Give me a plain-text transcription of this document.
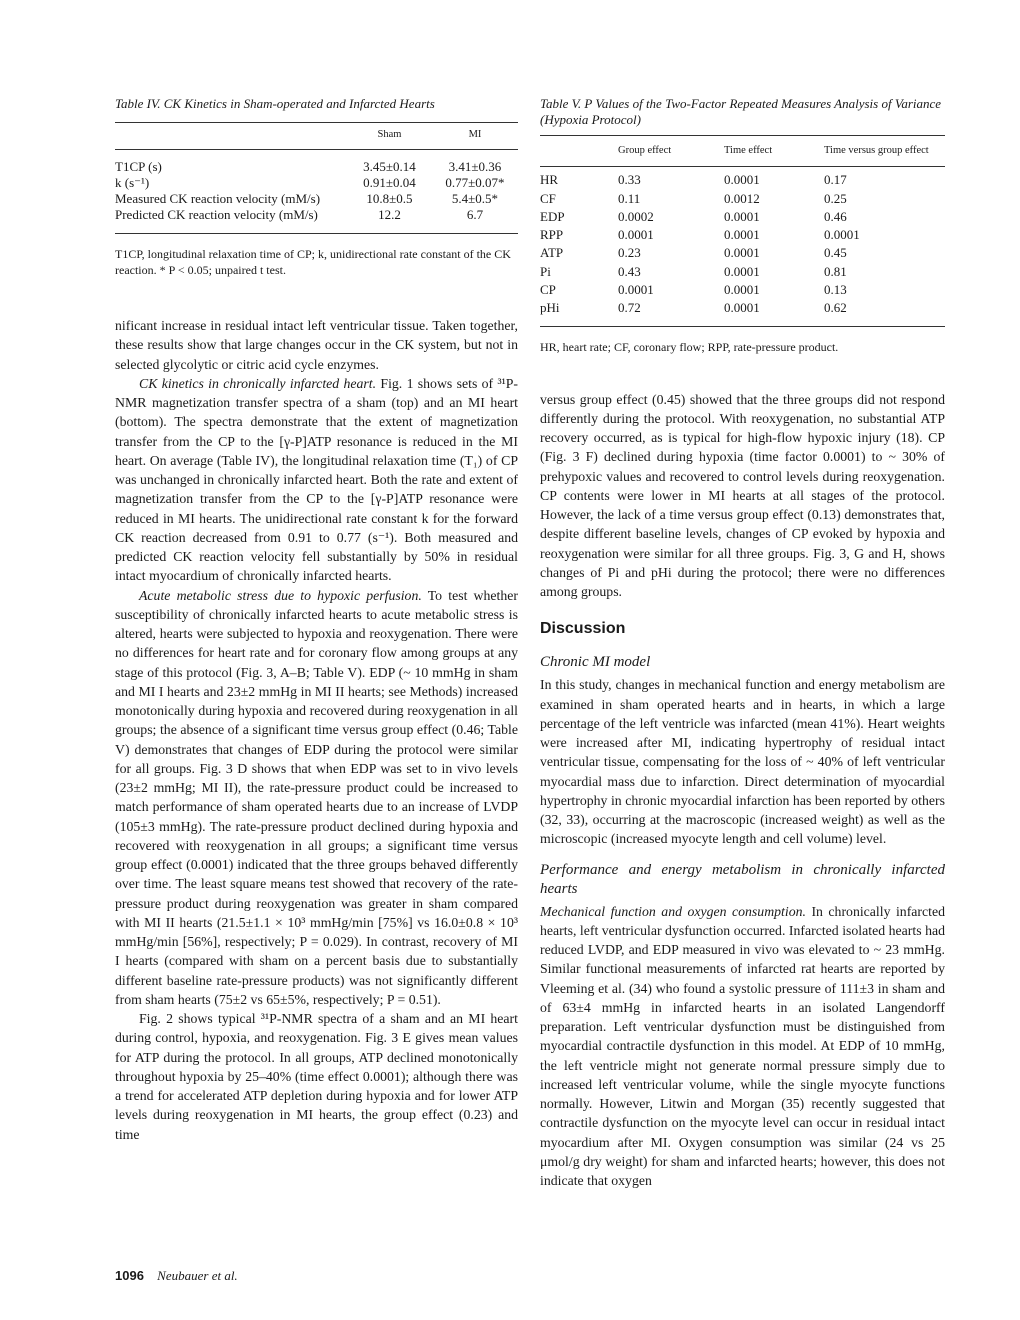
Table IV. CK Kinetics in Sham-operated and Infarcted Hearts
	Sham	MI
T1CP (s)	3.45±0.14	3.41±0.36
k (s⁻¹)	0.91±0.04	0.77±0.07*
Measured CK reaction velocity (mM/s)	10.8±0.5	5.4±0.5*
Predicted CK reaction velocity (mM/s)	12.2	6.7
T1CP, longitudinal relaxation time of CP; k, unidirectional rate constant of the CK reaction. * P < 0.05; unpaired t test.

nificant increase in residual intact left ventricular tissue. Taken together, these results show that large changes occur in the CK system, but not in selected glycolytic or citric acid cycle enzymes.

CK kinetics in chronically infarcted heart. Fig. 1 shows sets of ³¹P-NMR magnetization transfer spectra of a sham (top) and an MI heart (bottom). The spectra demonstrate that the extent of magnetization transfer from the CP to the [γ-P]ATP resonance is reduced in the MI heart. On average (Table IV), the longitudinal relaxation time (T₁) of CP was unchanged in chronically infarcted heart. Both the rate and extent of magnetization transfer from the CP to the [γ-P]ATP resonance were reduced in MI hearts. The unidirectional rate constant k for the forward CK reaction decreased from 0.91 to 0.77 (s⁻¹). Both measured and predicted CK reaction velocity fell substantially by 50% in residual intact myocardium of chronically infarcted hearts.

Acute metabolic stress due to hypoxic perfusion. To test whether susceptibility of chronically infarcted hearts to acute metabolic stress is altered, hearts were subjected to hypoxia and reoxygenation. There were no differences for heart rate and for coronary flow among groups at any stage of this protocol (Fig. 3, A–B; Table V). EDP (~ 10 mmHg in sham and MI I hearts and 23±2 mmHg in MI II hearts; see Methods) increased monotonically during hypoxia and recovered during reoxygenation in all groups; the absence of a significant time versus group effect (0.46; Table V) demonstrates that changes of EDP during the protocol were similar for all groups. Fig. 3 D shows that when EDP was set to in vivo levels (23±2 mmHg; MI II), the rate-pressure product could be increased to match performance of sham operated hearts due to an increase of LVDP (105±3 mmHg). The rate-pressure product declined during hypoxia and recovered with reoxygenation in all groups; a significant time versus group effect (0.0001) indicated that the three groups behaved differently over time. The least square means test showed that recovery of the rate-pressure product during reoxygenation was greater in sham compared with MI II hearts (21.5±1.1 × 10³ mmHg/min [75%] vs 16.0±0.8 × 10³ mmHg/min [56%], respectively; P = 0.029). In contrast, recovery of MI I hearts (compared with sham on a percent basis due to substantially different baseline rate-pressure products) was not significantly different from sham hearts (75±2 vs 65±5%, respectively; P = 0.51).

Fig. 2 shows typical ³¹P-NMR spectra of a sham and an MI heart during control, hypoxia, and reoxygenation. Fig. 3 E gives mean values for ATP during the protocol. In all groups, ATP declined monotonically throughout hypoxia by 25–40% (time effect 0.0001); although there was a trend for accelerated ATP depletion during hypoxia and for lower ATP levels during reoxygenation in MI hearts, the group effect (0.23) and time

Table V. P Values of the Two-Factor Repeated Measures Analysis of Variance (Hypoxia Protocol)
	Group effect	Time effect	Time versus group effect
HR	0.33	0.0001	0.17
CF	0.11	0.0012	0.25
EDP	0.0002	0.0001	0.46
RPP	0.0001	0.0001	0.0001
ATP	0.23	0.0001	0.45
Pi	0.43	0.0001	0.81
CP	0.0001	0.0001	0.13
pHi	0.72	0.0001	0.62
HR, heart rate; CF, coronary flow; RPP, rate-pressure product.

versus group effect (0.45) showed that the three groups did not respond differently during the protocol. With reoxygenation, no substantial ATP recovery occurred, as is typical for high-flow hypoxic injury (18). CP (Fig. 3 F) declined during hypoxia (time factor 0.0001) to ~ 30% of prehypoxic values and recovered to control levels during reoxygenation. CP contents were lower in MI hearts at all stages of the protocol. However, the lack of a time versus group effect (0.13) demonstrates that, despite different baseline levels, changes of CP evoked by hypoxia and reoxygenation were similar for all three groups. Fig. 3, G and H, shows changes of Pi and pHi during the protocol; there were no differences among groups.

Discussion
Chronic MI model

In this study, changes in mechanical function and energy metabolism are examined in sham operated hearts and in hearts, in which a large percentage of the left ventricle was infarcted (mean 41%). Heart weights were increased after MI, indicating hypertrophy of residual intact ventricular tissue, compensating for the loss of ~ 40% of left ventricular myocardial mass due to infarction. Direct determination of myocardial hypertrophy in chronic myocardial infarction has been reported by others (32, 33), occurring at the macroscopic (increased weight) as well as the microscopic (increased myocyte length and cell volume) level.

Performance and energy metabolism in chronically infarcted hearts

Mechanical function and oxygen consumption. In chronically infarcted hearts, left ventricular dysfunction occurred. Infarcted isolated hearts had reduced LVDP, and EDP measured in vivo was elevated to ~ 23 mmHg. Similar functional measurements of infarcted rat hearts are reported by Vleeming et al. (34) who found a systolic pressure of 111±3 in sham and of 63±4 mmHg in infarcted hearts in an isolated Langendorff preparation. Left ventricular dysfunction must be distinguished from myocardial contractile dysfunction in this model. At EDP of 10 mmHg, the left ventricle might not generate normal pressure simply due to increased left ventricular volume, while the single myocyte functions normally. However, Litwin and Morgan (35) recently suggested that contractile dysfunction on the myocyte level can occur in residual intact myocardium after MI. Oxygen consumption was similar (24 vs 25 μmol/g dry weight) for sham and infarcted hearts; however, this does not indicate that oxygen

1096 Neubauer et al.
